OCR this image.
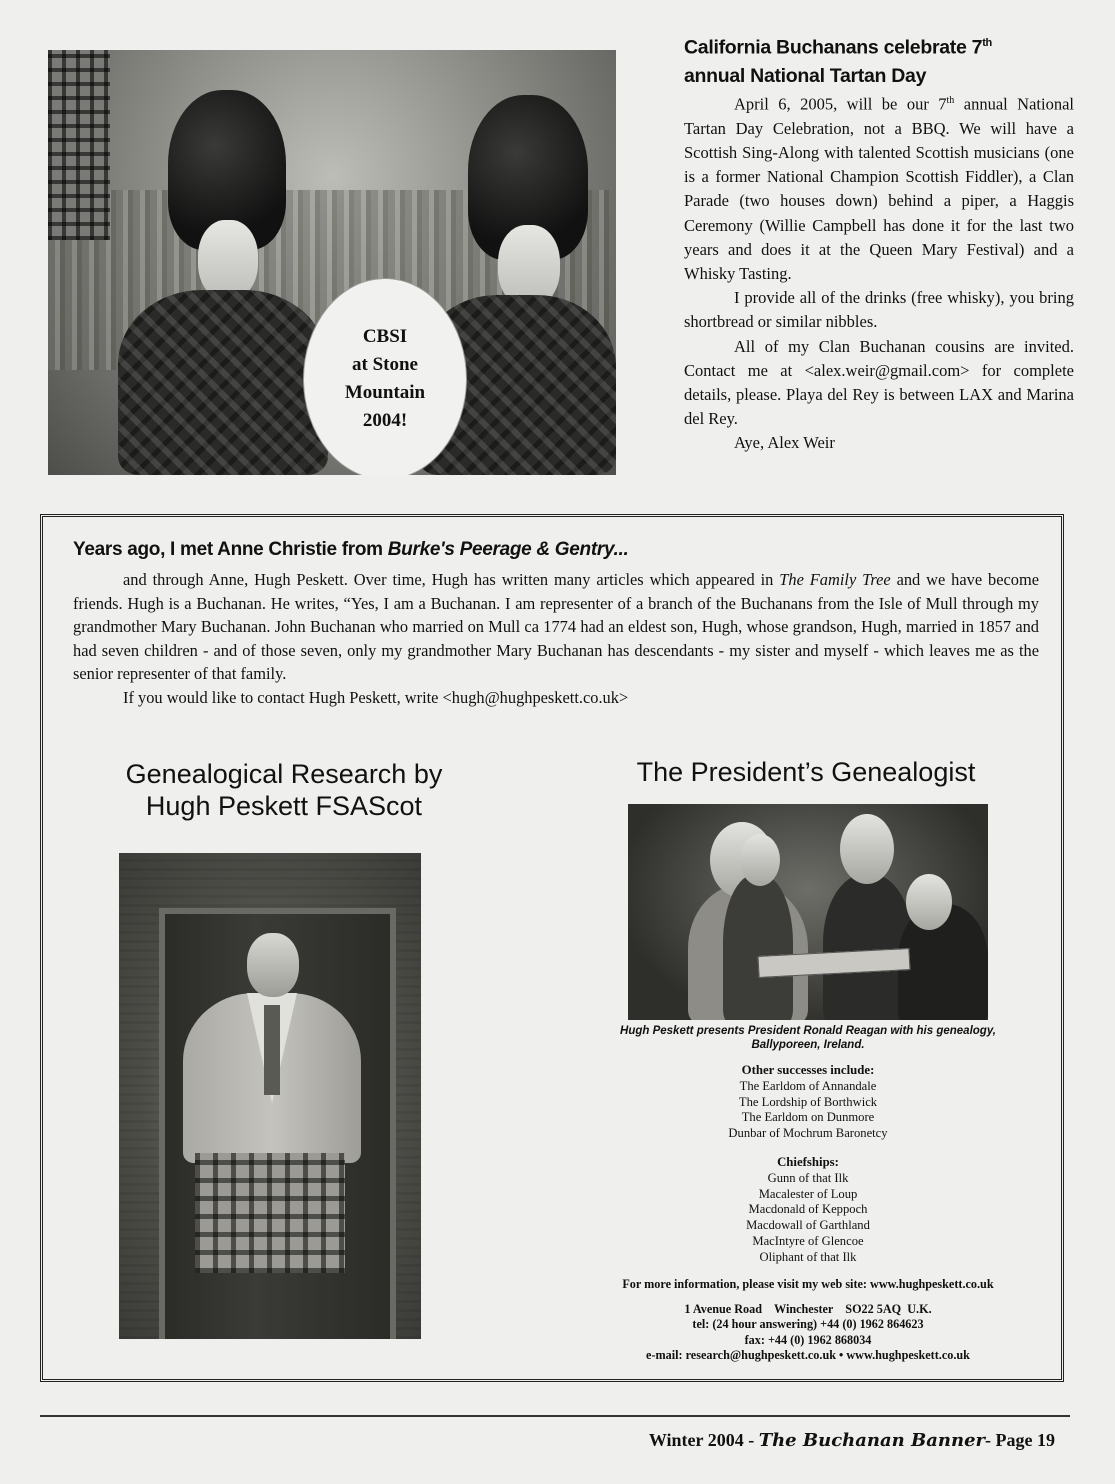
CBSI
at Stone
Mountain
2004!
California Buchanans celebrate 7th
annual National Tartan Day

April 6, 2005, will be our 7th annual National Tartan Day Celebration, not a BBQ. We will have a Scottish Sing-Along with talented Scottish musicians (one is a former National Champion Scottish Fiddler), a Clan Parade (two houses down) behind a piper, a Haggis Ceremony (Willie Campbell has done it for the last two years and does it at the Queen Mary Festival) and a Whisky Tasting.

I provide all of the drinks (free whisky), you bring shortbread or similar nibbles.

All of my Clan Buchanan cousins are invited. Contact me at <alex.weir@gmail.com> for complete details, please. Playa del Rey is between LAX and Marina del Rey.

Aye, Alex Weir

Years ago, I met Anne Christie from Burke's Peerage & Gentry...

and through Anne, Hugh Peskett. Over time, Hugh has written many articles which appeared in The Family Tree and we have become friends. Hugh is a Buchanan. He writes, “Yes, I am a Buchanan. I am representer of a branch of the Buchanans from the Isle of Mull through my grandmother Mary Buchanan. John Buchanan who married on Mull ca 1774 had an eldest son, Hugh, whose grandson, Hugh, married in 1857 and had seven children - and of those seven, only my grandmother Mary Buchanan has descendants - my sister and myself - which leaves me as the senior representer of that family.

If you would like to contact Hugh Peskett, write <hugh@hughpeskett.co.uk>

Genealogical Research by
Hugh Peskett FSAScot
The President’s Genealogist
Hugh Peskett presents President Ronald Reagan with his genealogy,
Ballyporeen, Ireland.
Other successes include:
The Earldom of Annandale
The Lordship of Borthwick
The Earldom on Dunmore
Dunbar of Mochrum Baronetcy
Chiefships:
Gunn of that Ilk
Macalester of Loup
Macdonald of Keppoch
Macdowall of Garthland
MacIntyre of Glencoe
Oliphant of that Ilk
For more information, please visit my web site: www.hughpeskett.co.uk
1 Avenue Road    Winchester    SO22 5AQ  U.K.
tel: (24 hour answering) +44 (0) 1962 864623
fax: +44 (0) 1962 868034
e-mail: research@hughpeskett.co.uk • www.hughpeskett.co.uk
Winter 2004 - The Buchanan Banner- Page 19
